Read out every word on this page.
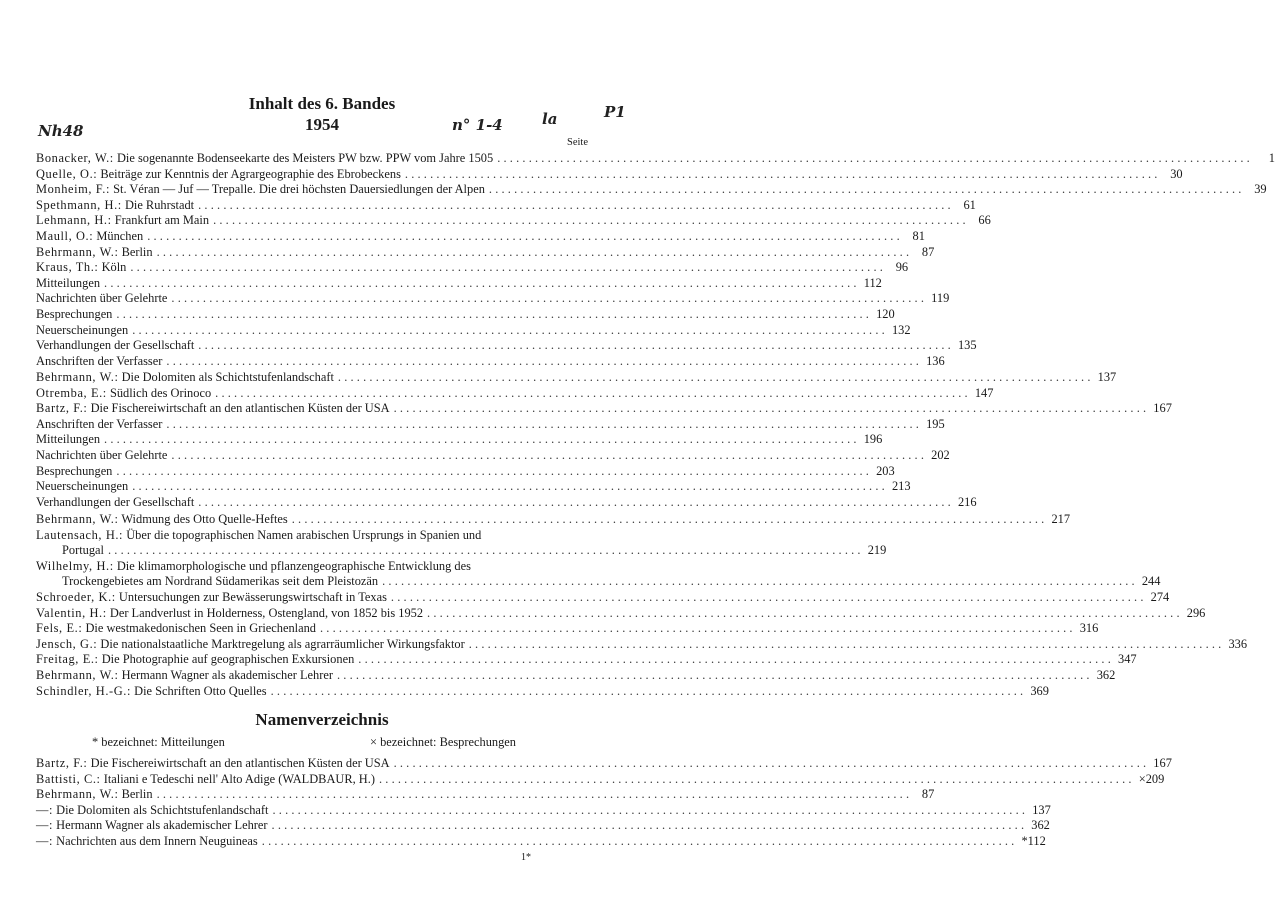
Inhalt des 6. Bandes
1954
Seite
Nh48	n° 1-4	la	P1
Bonacker, W.: Die sogenannte Bodenseekarte des Meisters PW bzw. PPW vom Jahre 1505 ........................................................................................................................	1
Quelle, O.: Beiträge zur Kenntnis der Agrargeographie des Ebrobeckens ........................................................................................................................ 30
Monheim, F.: St. Véran — Juf — Trepalle. Die drei höchsten Dauersiedlungen der Alpen ........................................................................................................................ 39
Spethmann, H.: Die Ruhrstadt ........................................................................................................................ 61
Lehmann, H.: Frankfurt am Main ........................................................................................................................ 66
Maull, O.: München ........................................................................................................................ 81
Behrmann, W.: Berlin ........................................................................................................................ 87
Kraus, Th.: Köln ........................................................................................................................ 96
Mitteilungen ........................................................................................................................ 112
Nachrichten über Gelehrte ........................................................................................................................ 119
Besprechungen ........................................................................................................................ 120
Neuerscheinungen ........................................................................................................................ 132
Verhandlungen der Gesellschaft ........................................................................................................................ 135
Anschriften der Verfasser ........................................................................................................................ 136
Behrmann, W.: Die Dolomiten als Schichtstufenlandschaft ........................................................................................................................ 137
Otremba, E.: Südlich des Orinoco ........................................................................................................................ 147
Bartz, F.: Die Fischereiwirtschaft an den atlantischen Küsten der USA ........................................................................................................................ 167
Anschriften der Verfasser ........................................................................................................................ 195
Mitteilungen ........................................................................................................................ 196
Nachrichten über Gelehrte ........................................................................................................................ 202
Besprechungen ........................................................................................................................ 203
Neuerscheinungen ........................................................................................................................ 213
Verhandlungen der Gesellschaft ........................................................................................................................ 216
Behrmann, W.: Widmung des Otto Quelle-Heftes ........................................................................................................................ 217
Lautensach, H.: Über die topographischen Namen arabischen Ursprungs in Spanien und
Portugal ........................................................................................................................ 219
Wilhelmy, H.: Die klimamorphologische und pflanzengeographische Entwicklung des
Trockengebietes am Nordrand Südamerikas seit dem Pleistozän ........................................................................................................................ 244
Schroeder, K.: Untersuchungen zur Bewässerungswirtschaft in Texas ........................................................................................................................ 274
Valentin, H.: Der Landverlust in Holderness, Ostengland, von 1852 bis 1952 ........................................................................................................................ 296
Fels, E.: Die westmakedonischen Seen in Griechenland ........................................................................................................................ 316
Jensch, G.: Die nationalstaatliche Marktregelung als agrarräumlicher Wirkungsfaktor ........................................................................................................................ 336
Freitag, E.: Die Photographie auf geographischen Exkursionen ........................................................................................................................ 347
Behrmann, W.: Hermann Wagner als akademischer Lehrer ........................................................................................................................ 362
Schindler, H.-G.: Die Schriften Otto Quelles ........................................................................................................................ 369
Namenverzeichnis
* bezeichnet: Mitteilungen	× bezeichnet: Besprechungen
Bartz, F.: Die Fischereiwirtschaft an den atlantischen Küsten der USA ........................................................................................................................ 167
Battisti, C.: Italiani e Tedeschi nell' Alto Adige (WALDBAUR, H.) ........................................................................................................................ ×209
Behrmann, W.: Berlin ........................................................................................................................ 87
—: Die Dolomiten als Schichtstufenlandschaft ........................................................................................................................ 137
—: Hermann Wagner als akademischer Lehrer ........................................................................................................................ 362
—: Nachrichten aus dem Innern Neuguineas ........................................................................................................................ *112
1*
